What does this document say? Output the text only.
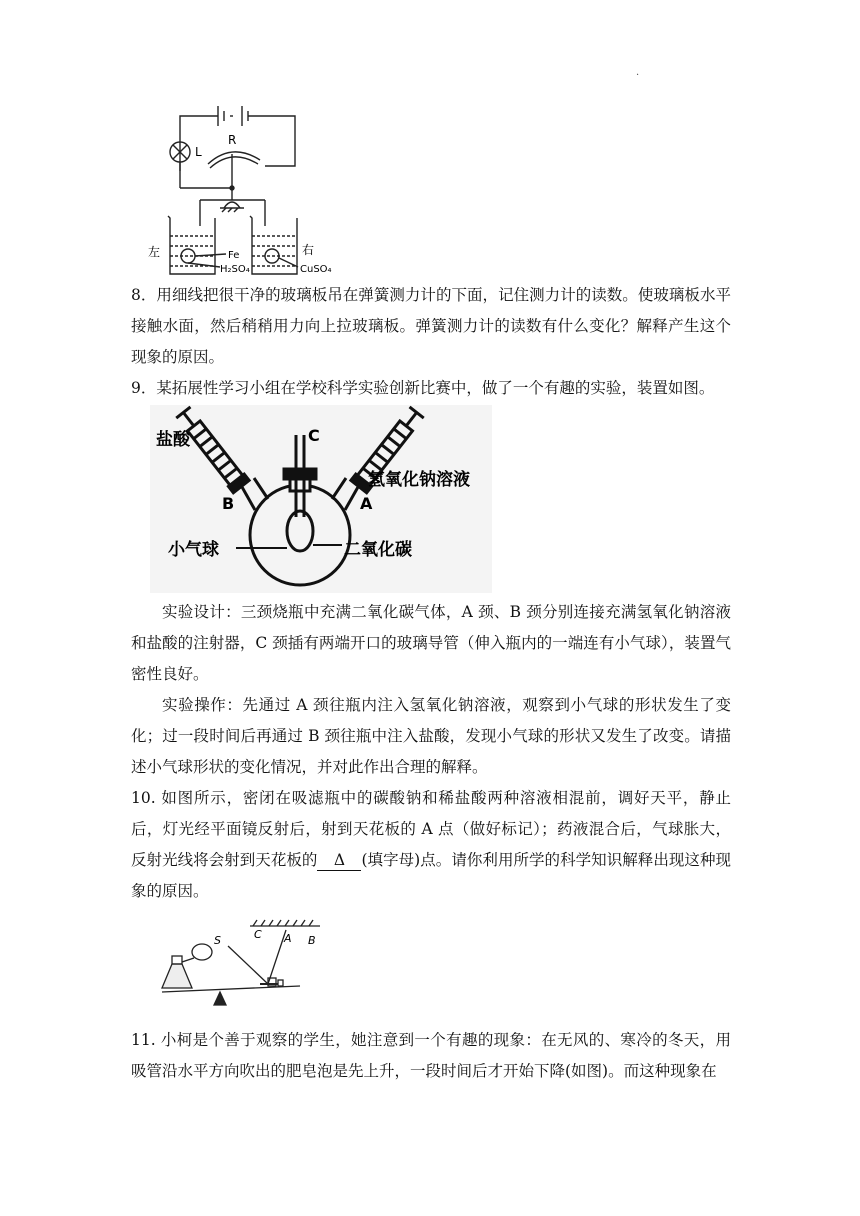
·
L
R
左	右
Fe
H₂SO₄	CuSO₄

8．用细线把很干净的玻璃板吊在弹簧测力计的下面，记住测力计的读数。使玻璃板水平接触水面，然后稍稍用力向上拉玻璃板。弹簧测力计的读数有什么变化？解释产生这个现象的原因。

9．某拓展性学习小组在学校科学实验创新比赛中，做了一个有趣的实验，装置如图。

盐酸	C
氢氧化钠溶液
B	A
小气球	二氧化碳

实验设计：三颈烧瓶中充满二氧化碳气体，A 颈、B 颈分别连接充满氢氧化钠溶液和盐酸的注射器，C 颈插有两端开口的玻璃导管（伸入瓶内的一端连有小气球），装置气密性良好。

实验操作：先通过 A 颈往瓶内注入氢氧化钠溶液，观察到小气球的形状发生了变化；过一段时间后再通过 B 颈往瓶中注入盐酸，发现小气球的形状又发生了改变。请描述小气球形状的变化情况，并对此作出合理的解释。

10. 如图所示，密闭在吸滤瓶中的碳酸钠和稀盐酸两种溶液相混前，调好天平，静止后，灯光经平面镜反射后，射到天花板的 A 点（做好标记）；药液混合后，气球胀大，反射光线将会射到天花板的 Δ (填字母)点。请你利用所学的科学知识解释出现这种现象的原因。

S	C A B

11. 小柯是个善于观察的学生，她注意到一个有趣的现象：在无风的、寒冷的冬天，用吸管沿水平方向吹出的肥皂泡是先上升，一段时间后才开始下降(如图)。而这种现象在
